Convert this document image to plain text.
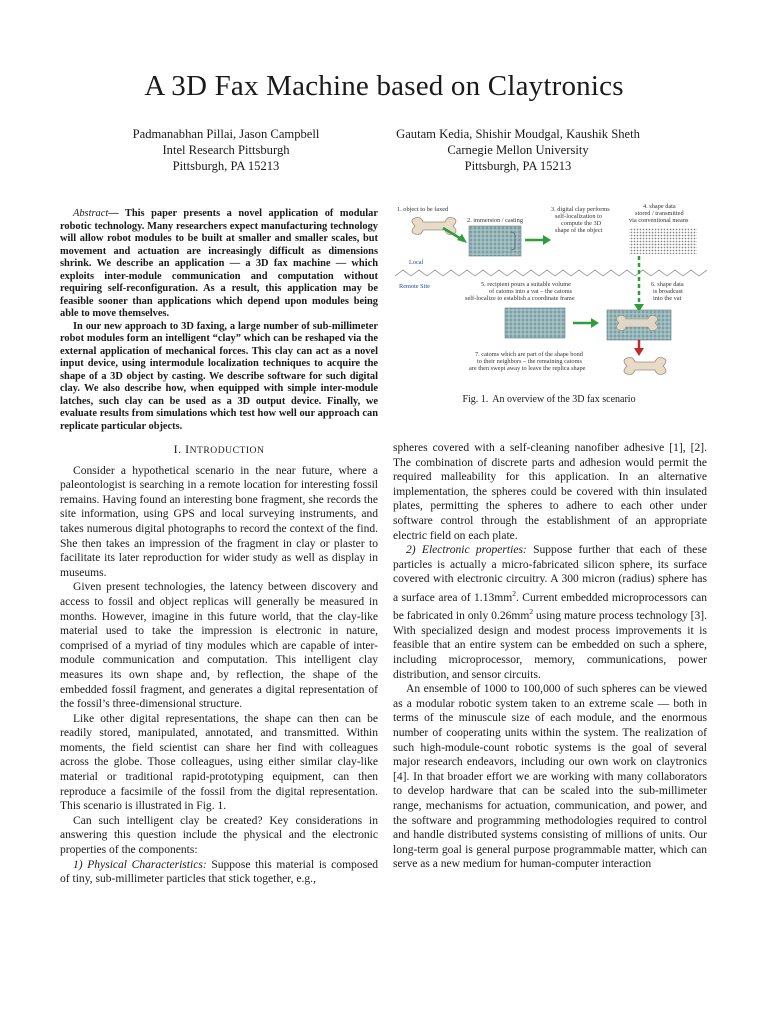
A 3D Fax Machine based on Claytronics
Padmanabhan Pillai, Jason Campbell
Intel Research Pittsburgh
Pittsburgh, PA 15213
Gautam Kedia, Shishir Moudgal, Kaushik Sheth
Carnegie Mellon University
Pittsburgh, PA 15213

Abstract— This paper presents a novel application of modular robotic technology. Many researchers expect manufacturing technology will allow robot modules to be built at smaller and smaller scales, but movement and actuation are increasingly difficult as dimensions shrink. We describe an application — a 3D fax machine — which exploits inter-module communication and computation without requiring self-reconfiguration. As a result, this application may be feasible sooner than applications which depend upon modules being able to move themselves.

In our new approach to 3D faxing, a large number of sub-millimeter robot modules form an intelligent “clay” which can be reshaped via the external application of mechanical forces. This clay can act as a novel input device, using intermodule localization techniques to acquire the shape of a 3D object by casting. We describe software for such digital clay. We also describe how, when equipped with simple inter-module latches, such clay can be used as a 3D output device. Finally, we evaluate results from simulations which test how well our approach can replicate particular objects.

I. INTRODUCTION

Consider a hypothetical scenario in the near future, where a paleontologist is searching in a remote location for interesting fossil remains. Having found an interesting bone fragment, she records the site information, using GPS and local surveying instruments, and takes numerous digital photographs to record the context of the find. She then takes an impression of the fragment in clay or plaster to facilitate its later reproduction for wider study as well as display in museums.

Given present technologies, the latency between discovery and access to fossil and object replicas will generally be measured in months. However, imagine in this future world, that the clay-like material used to take the impression is electronic in nature, comprised of a myriad of tiny modules which are capable of inter-module communication and computation. This intelligent clay measures its own shape and, by reflection, the shape of the embedded fossil fragment, and generates a digital representation of the fossil’s three-dimensional structure.

Like other digital representations, the shape can then can be readily stored, manipulated, annotated, and transmitted. Within moments, the field scientist can share her find with colleagues across the globe. Those colleagues, using either similar clay-like material or traditional rapid-prototyping equipment, can then reproduce a facsimile of the fossil from the digital representation. This scenario is illustrated in Fig. 1.

Can such intelligent clay be created? Key considerations in answering this question include the physical and the electronic properties of the components:

1) Physical Characteristics: Suppose this material is composed of tiny, sub-millimeter particles that stick together, e.g.,

1. object to be faxed
2. immersion / casting
3. digital clay performs
self-localization to
compute the 3D
shape of the object
4. shape data
stored / transmitted
via conventional means
Local
Remote Site	6. shape data
is broadcast
into the vat
5. recipient pours a suitable volume
of catoms into a vat – the catoms
self-localize to establish a coordinate frame
7. catoms which are part of the shape bond
to their neighbors – the remaining catoms
are then swept away to leave the replica shape
Fig. 1. An overview of the 3D fax scenario

spheres covered with a self-cleaning nanofiber adhesive [1], [2]. The combination of discrete parts and adhesion would permit the required malleability for this application. In an alternative implementation, the spheres could be covered with thin insulated plates, permitting the spheres to adhere to each other under software control through the establishment of an appropriate electric field on each plate.

2) Electronic properties: Suppose further that each of these particles is actually a micro-fabricated silicon sphere, its surface covered with electronic circuitry. A 300 micron (radius) sphere has a surface area of $1.13mm^2$. Current embedded microprocessors can be fabricated in only $0.26mm^2$ using mature process technology [3]. With specialized design and modest process improvements it is feasible that an entire system can be embedded on such a sphere, including microprocessor, memory, communications, power distribution, and sensor circuits.

An ensemble of 1000 to 100,000 of such spheres can be viewed as a modular robotic system taken to an extreme scale — both in terms of the minuscule size of each module, and the enormous number of cooperating units within the system. The realization of such high-module-count robotic systems is the goal of several major research endeavors, including our own work on claytronics [4]. In that broader effort we are working with many collaborators to develop hardware that can be scaled into the sub-millimeter range, mechanisms for actuation, communication, and power, and the software and programming methodologies required to control and handle distributed systems consisting of millions of units. Our long-term goal is general purpose programmable matter, which can serve as a new medium for human-computer interaction
